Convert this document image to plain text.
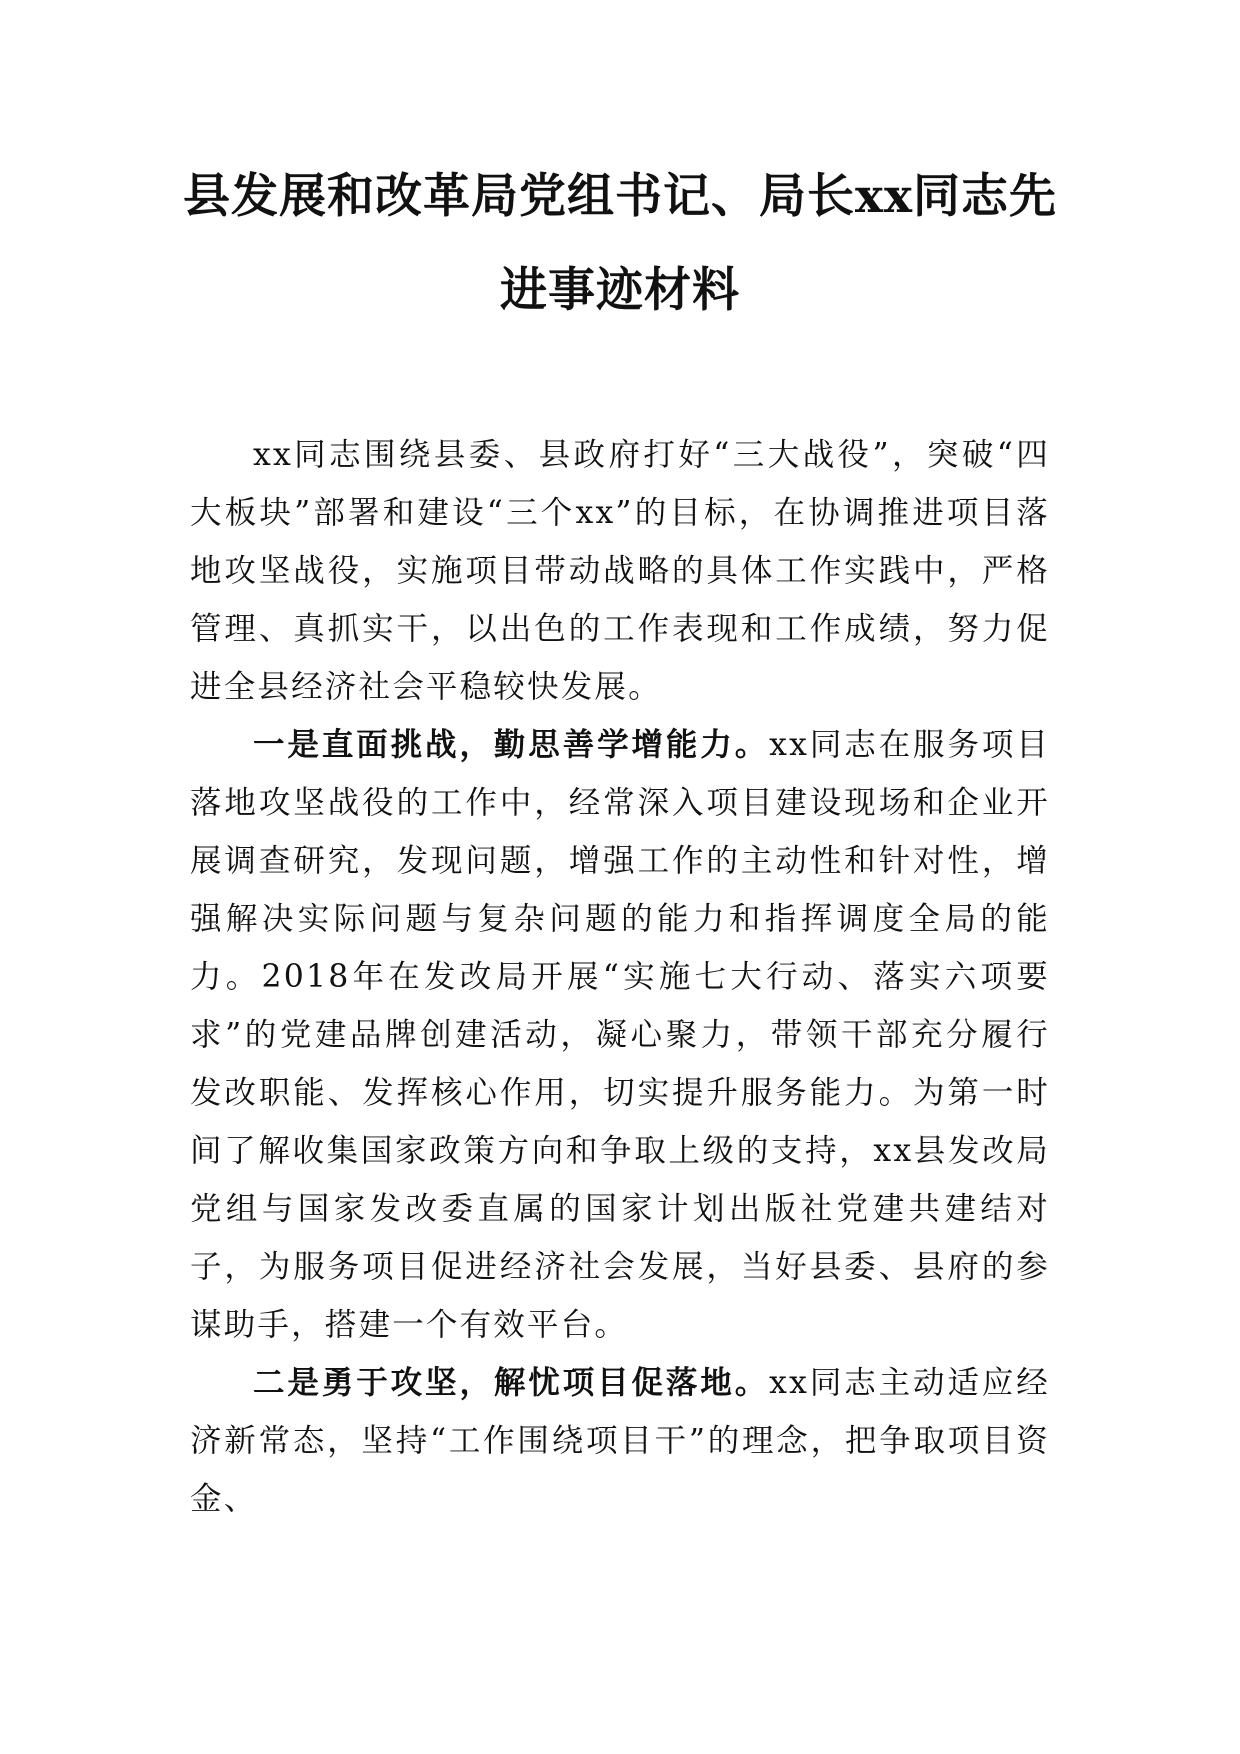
县发展和改革局党组书记、局长xx同志先
进事迹材料

xx同志围绕县委、县政府打好“三大战役”，突破“四大板块”部署和建设“三个xx”的目标，在协调推进项目落地攻坚战役，实施项目带动战略的具体工作实践中，严格管理、真抓实干，以出色的工作表现和工作成绩，努力促进全县经济社会平稳较快发展。

一是直面挑战，勤思善学增能力。xx同志在服务项目落地攻坚战役的工作中，经常深入项目建设现场和企业开展调查研究，发现问题，增强工作的主动性和针对性，增强解决实际问题与复杂问题的能力和指挥调度全局的能力。2018年在发改局开展“实施七大行动、落实六项要求”的党建品牌创建活动，凝心聚力，带领干部充分履行发改职能、发挥核心作用，切实提升服务能力。为第一时间了解收集国家政策方向和争取上级的支持，xx县发改局党组与国家发改委直属的国家计划出版社党建共建结对子，为服务项目促进经济社会发展，当好县委、县府的参谋助手，搭建一个有效平台。

二是勇于攻坚，解忧项目促落地。xx同志主动适应经济新常态，坚持“工作围绕项目干”的理念，把争取项目资金、
